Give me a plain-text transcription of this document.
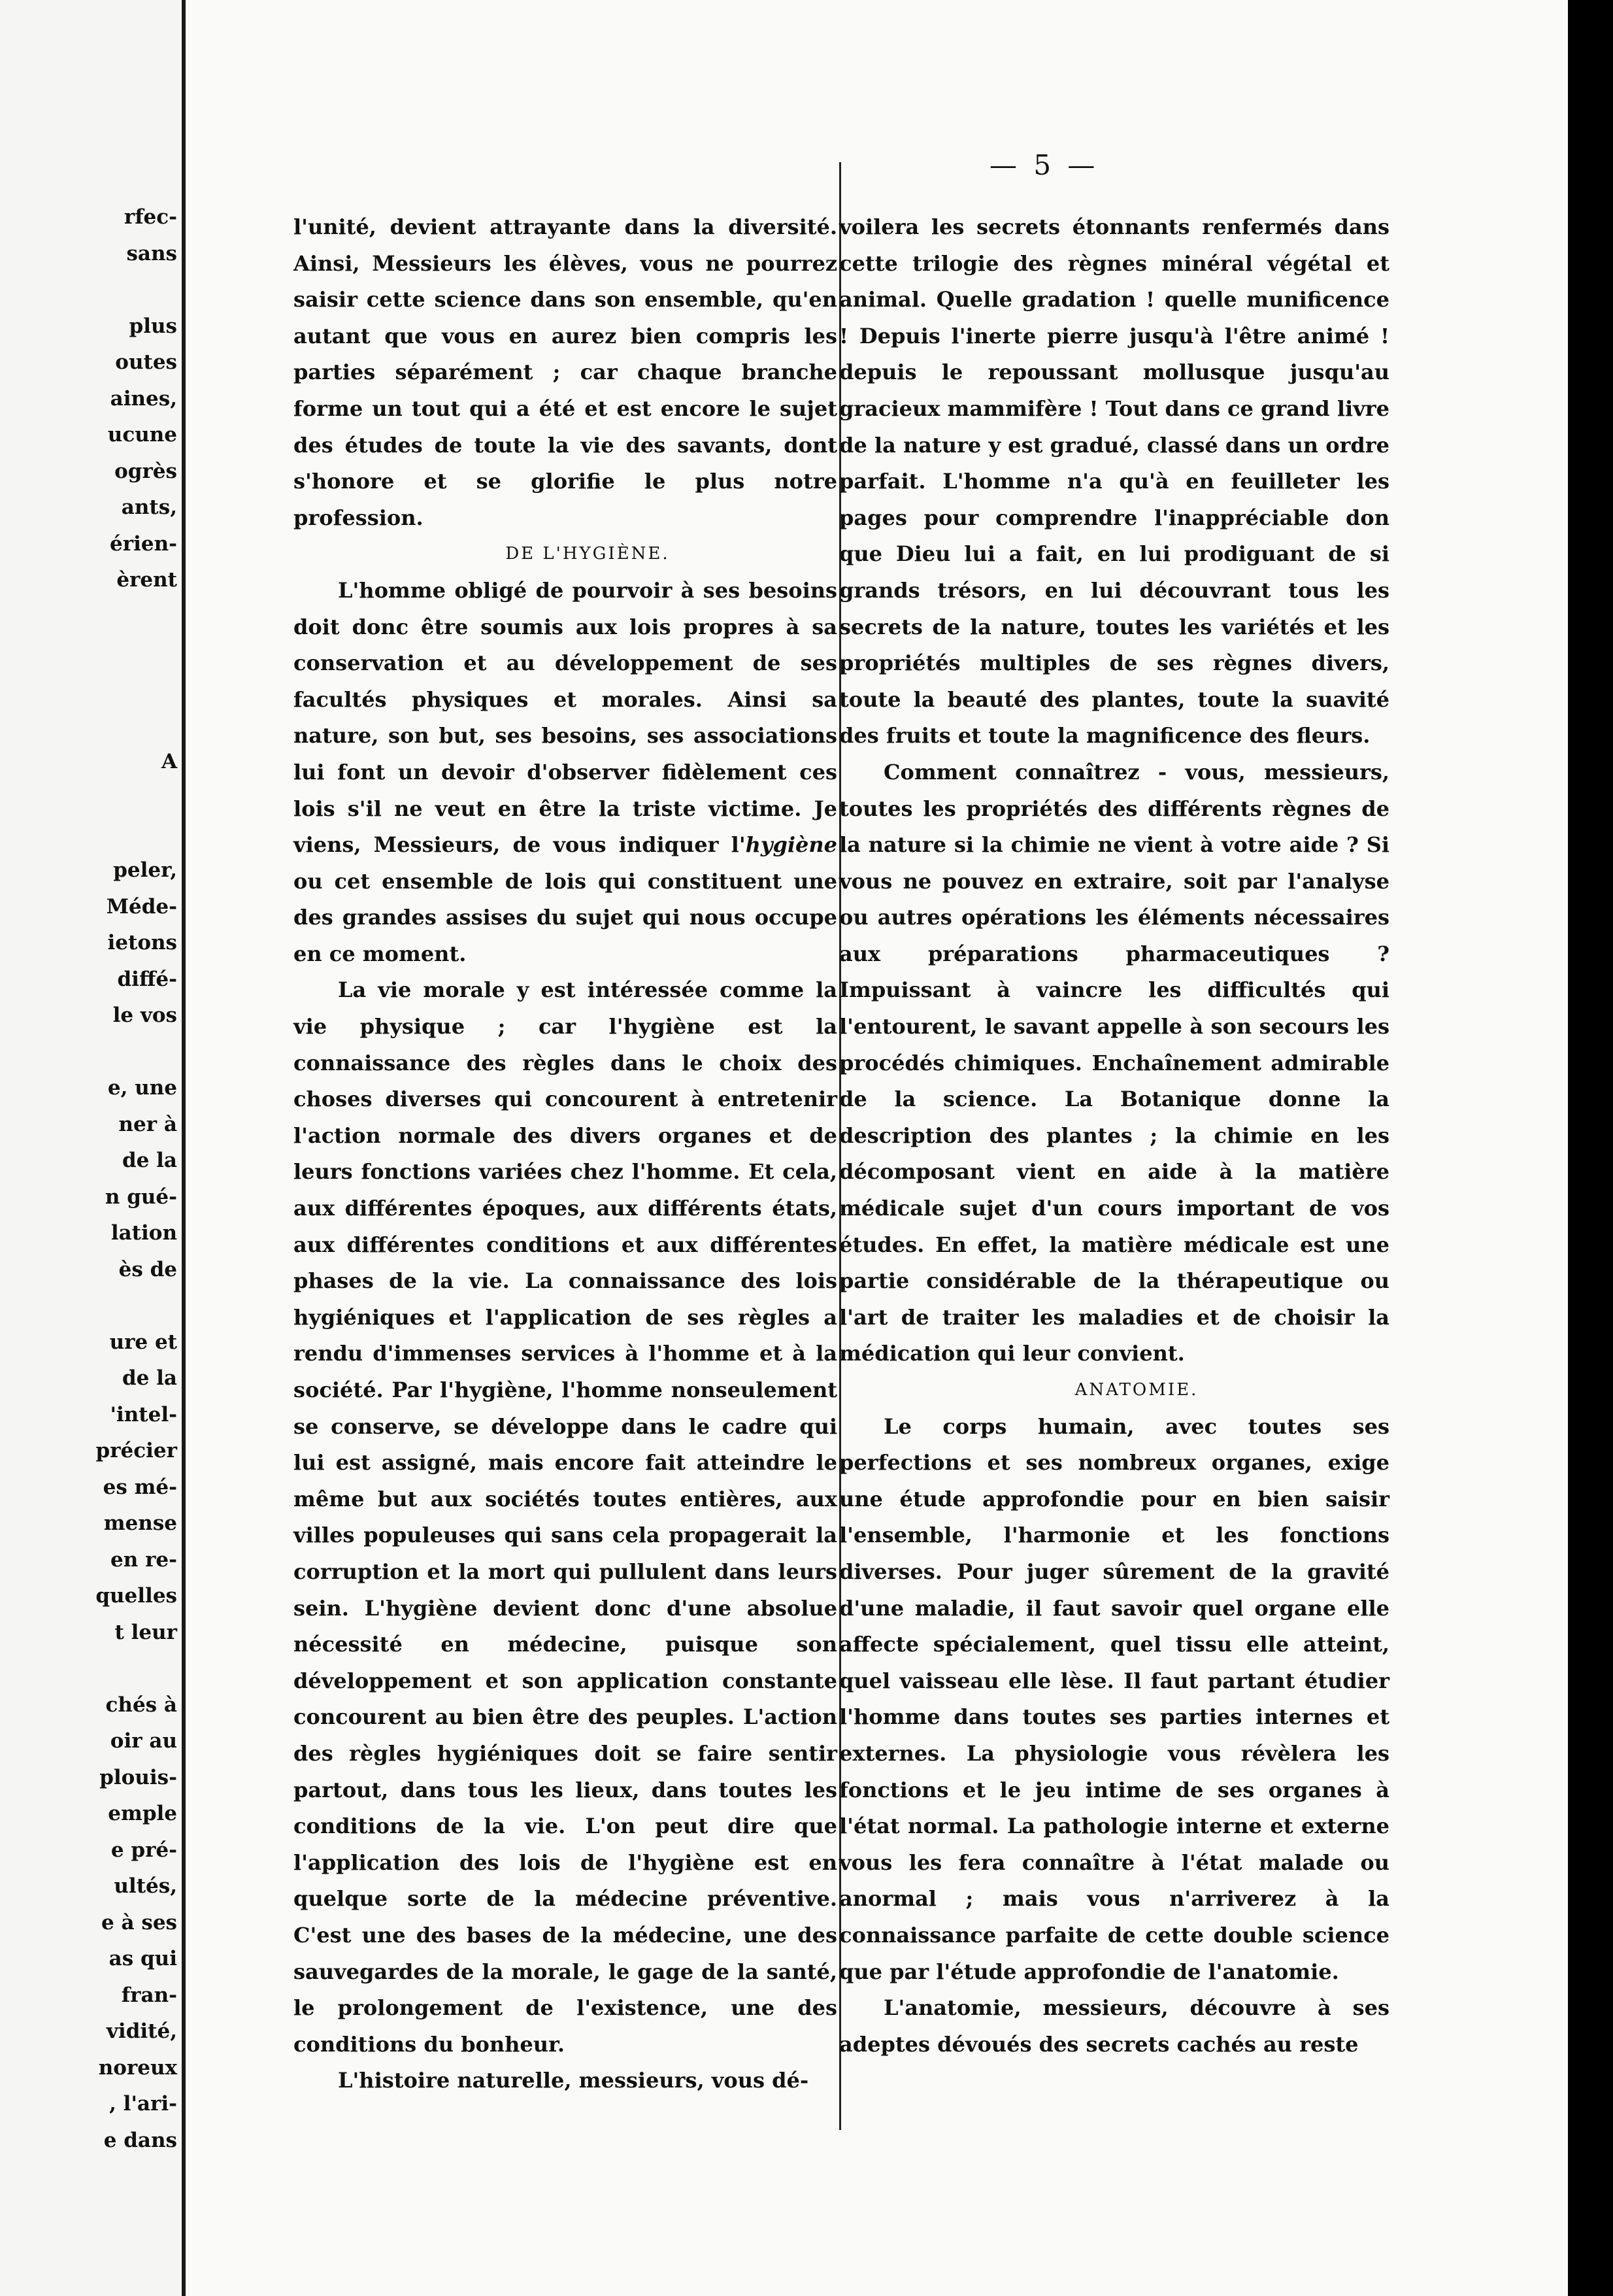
rfec-
sans

plus
outes
aines,
ucune
ogrès
ants,
érien-
èrent

A

peler,
Méde-
ietons
diffé-
le vos

e, une
ner à
de la
n gué-
lation
ès de

ure et
de la
'intel-
précier
es mé-
mense
en re-
quelles
t leur

chés à
oir au
plouis-
emple
e pré-
ultés,
e à ses
as qui
fran-
vidité,
noreux
, l'ari-
e dans
— 5 —

l'unité, devient attrayante dans la diversité. Ainsi, Messieurs les élèves, vous ne pourrez saisir cette science dans son ensemble, qu'en autant que vous en aurez bien compris les parties séparément ; car chaque branche forme un tout qui a été et est encore le sujet des études de toute la vie des savants, dont s'honore et se glorifie le plus notre profession.

DE L'HYGIÈNE.

L'homme obligé de pourvoir à ses besoins doit donc être soumis aux lois propres à sa conservation et au développement de ses facultés physiques et morales. Ainsi sa nature, son but, ses besoins, ses associations lui font un devoir d'observer fidèlement ces lois s'il ne veut en être la triste victime. Je viens, Messieurs, de vous indiquer l'hygiène ou cet ensemble de lois qui constituent une des grandes assises du sujet qui nous occupe en ce moment.

La vie morale y est intéressée comme la vie physique ; car l'hygiène est la connaissance des règles dans le choix des choses diverses qui concourent à entretenir l'action normale des divers organes et de leurs fonctions variées chez l'homme. Et cela, aux différentes époques, aux différents états, aux différentes conditions et aux différentes phases de la vie. La connaissance des lois hygiéniques et l'application de ses règles a rendu d'immenses services à l'homme et à la société. Par l'hygiène, l'homme nonseulement se conserve, se développe dans le cadre qui lui est assigné, mais encore fait atteindre le même but aux sociétés toutes entières, aux villes populeuses qui sans cela propagerait la corruption et la mort qui pullulent dans leurs sein. L'hygiène devient donc d'une absolue nécessité en médecine, puisque son développement et son application constante concourent au bien être des peuples. L'action des règles hygiéniques doit se faire sentir partout, dans tous les lieux, dans toutes les conditions de la vie. L'on peut dire que l'application des lois de l'hygiène est en quelque sorte de la médecine préventive. C'est une des bases de la médecine, une des sauvegardes de la morale, le gage de la santé, le prolongement de l'existence, une des conditions du bonheur.

L'histoire naturelle, messieurs, vous dé-

voilera les secrets étonnants renfermés dans cette trilogie des règnes minéral végétal et animal. Quelle gradation ! quelle munificence ! Depuis l'inerte pierre jusqu'à l'être animé ! depuis le repoussant mollusque jusqu'au gracieux mammifère ! Tout dans ce grand livre de la nature y est gradué, classé dans un ordre parfait. L'homme n'a qu'à en feuilleter les pages pour comprendre l'inappréciable don que Dieu lui a fait, en lui prodiguant de si grands trésors, en lui découvrant tous les secrets de la nature, toutes les variétés et les propriétés multiples de ses règnes divers, toute la beauté des plantes, toute la suavité des fruits et toute la magnificence des fleurs.

Comment connaîtrez - vous, messieurs, toutes les propriétés des différents règnes de la nature si la chimie ne vient à votre aide ? Si vous ne pouvez en extraire, soit par l'analyse ou autres opérations les éléments nécessaires aux préparations pharmaceutiques ? Impuissant à vaincre les difficultés qui l'entourent, le savant appelle à son secours les procédés chimiques. Enchaînement admirable de la science. La Botanique donne la description des plantes ; la chimie en les décomposant vient en aide à la matière médicale sujet d'un cours important de vos études. En effet, la matière médicale est une partie considérable de la thérapeutique ou l'art de traiter les maladies et de choisir la médication qui leur convient.

ANATOMIE.

Le corps humain, avec toutes ses perfections et ses nombreux organes, exige une étude approfondie pour en bien saisir l'ensemble, l'harmonie et les fonctions diverses. Pour juger sûrement de la gravité d'une maladie, il faut savoir quel organe elle affecte spécialement, quel tissu elle atteint, quel vaisseau elle lèse. Il faut partant étudier l'homme dans toutes ses parties internes et externes. La physiologie vous révèlera les fonctions et le jeu intime de ses organes à l'état normal. La pathologie interne et externe vous les fera connaître à l'état malade ou anormal ; mais vous n'arriverez à la connaissance parfaite de cette double science que par l'étude approfondie de l'anatomie.

L'anatomie, messieurs, découvre à ses adeptes dévoués des secrets cachés au reste
